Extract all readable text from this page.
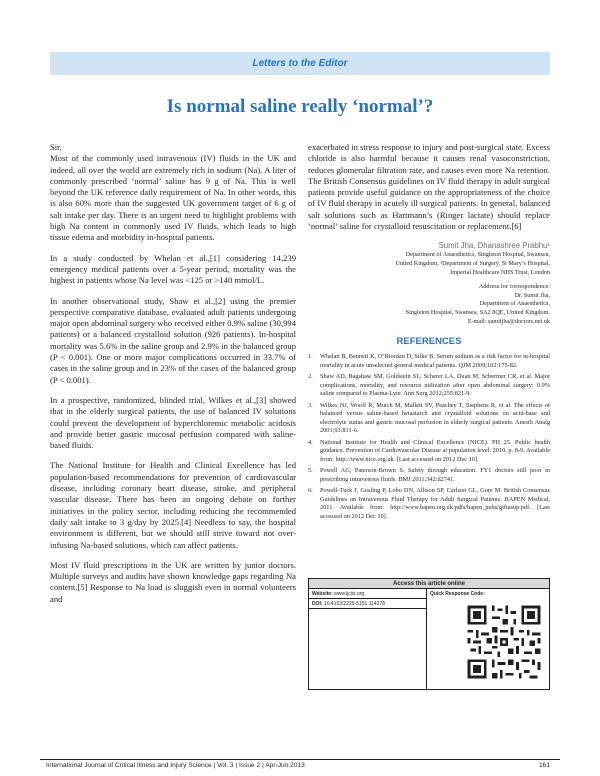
Letters to the Editor
Is normal saline really ‘normal’?
Sir,

Most of the commonly used intravenous (IV) fluids in the UK and indeed, all over the world are extremely rich in sodium (Na). A liter of commonly prescribed ‘normal’ saline has 9 g of Na. This is well beyond the UK reference daily requirement of Na. In other words, this is also 60% more than the suggested UK government target of 6 g of salt intake per day. There is an urgent need to highlight problems with high Na content in commonly used IV fluids, which leads to high tissue edema and morbidity in-hospital patients.

In a study conducted by Whelan et al.,[1] considering 14,239 emergency medical patients over a 5-year period, mortality was the highest in patients whose Na level was <125 or >140 mmol/L.

In another observational study, Shaw et al.,[2] using the premier perspective comparative database, evaluated adult patients undergoing major open abdominal surgery who received either 0.9% saline (30,994 patients) or a balanced crystalloid solution (926 patients). In-hospital mortality was 5.6% in the saline group and 2.9% in the balanced group (P < 0.001). One or more major complications occurred in 33.7% of cases in the saline group and in 23% of the cases of the balanced group (P < 0.001).

In a prospective, randomized, blinded trial, Wilkes et al.,[3] showed that in the elderly surgical patients, the use of balanced IV solutions could prevent the development of hyperchloremic metabolic acidosis and provide better gastric mucosal perfusion compared with saline-based fluids.

The National Institute for Health and Clinical Excellence has led population-based recommendations for prevention of cardiovascular disease, including coronary heart disease, stroke, and peripheral vascular disease. There has been an ongoing debate on further initiatives in the policy sector, including reducing the recommended daily salt intake to 3 g/day by 2025.[4] Needless to say, the hospital environment is different, but we should still strive toward not over-infusing Na-based solutions, which can affect patients.

Most IV fluid prescriptions in the UK are written by junior doctors. Multiple surveys and audits have shown knowledge gaps regarding Na content.[5] Response to Na load is sluggish even in normal volunteers and

exacerbated in stress response to injury and post-surgical state. Excess chloride is also harmful because it causes renal vasoconstriction, reduces glomerular filtration rate, and causes even more Na retention. The British Consensus guidelines on IV fluid therapy in adult surgical patients provide useful guidance on the appropriateness of the choice of IV fluid therapy in acutely ill surgical patients. In general, balanced salt solutions such as Hartmann’s (Ringer lactate) should replace ‘normal’ saline for crystalloid resuscitation or replacement.[6]

Sumit Jha, Dhanashree Prabhu¹
Department of Anaesthetics, Singleton Hospital, Swansea,
United Kingdom, ¹Department of Surgery, St Mary’s Hospital,
Imperial Healthcare NHS Trust, London
Address for correspondence:
Dr. Sumit Jha,
Department of Anaesthetics,
Singleton Hospital, Swansea, SA2 8QE, United Kingdom.
E-mail: sumitjha@doctors.net.uk
REFERENCES
1. Whelan B, Bennett K, O’Riordan D, Silke B. Serum sodium as a risk factor for in-hospital mortality in acute unselected general medical patients. QJM 2009;102:175-82.
2. Shaw AD, Bagshaw SM, Goldstein SL, Scherer LA, Duan M, Schermer CR, et al. Major complications, mortality, and resource utilization after open abdominal surgery: 0.9% saline compared to Plasma-Lyte. Ann Surg 2012;255:821-9.
3. Wilkes NJ, Woolf R, Mutch M, Mallett SV, Peachey T, Stephens R, et al. The effects of balanced versus saline-based hetastarch and crystalloid solutions on acid-base and electrolyte status and gastric mucosal perfusion in elderly surgical patients. Anesth Analg 2001;93:811-6.
4. National Institute for Health and Clinical Excellence (NICE). PH 25. Public health guidance. Prevention of Cardiovascular Disease at population level. 2010. p. 8-9. Available from: http://www.nice.org.uk. [Last accessed on 2012 Dec 10].
5. Powell AG, Paterson-Brown S. Safety through education. FY1 doctors still poor in prescribing intravenous fluids. BMJ 2011;342:d2741.
6. Powell-Tuck J, Gosling P, Lobo DN, Allison SP, Carlson GL, Gore M. British Consensus Guidelines on Intravenous Fluid Therapy for Adult Surgical Patients. BAPEN Medical, 2011. Available from: http://www.bapen.org.uk/pdfs/bapen_pubs/giftasup.pdf. [Last accessed on 2012 Dec 10].
Access this article online
Website: www.ijciis.org
DOI: 10.4103/2229-5151.114278
Quick Response Code:
International Journal of Critical Illness and Injury Science | Vol. 3 | Issue 2 | Apr-Jun 2013	161
